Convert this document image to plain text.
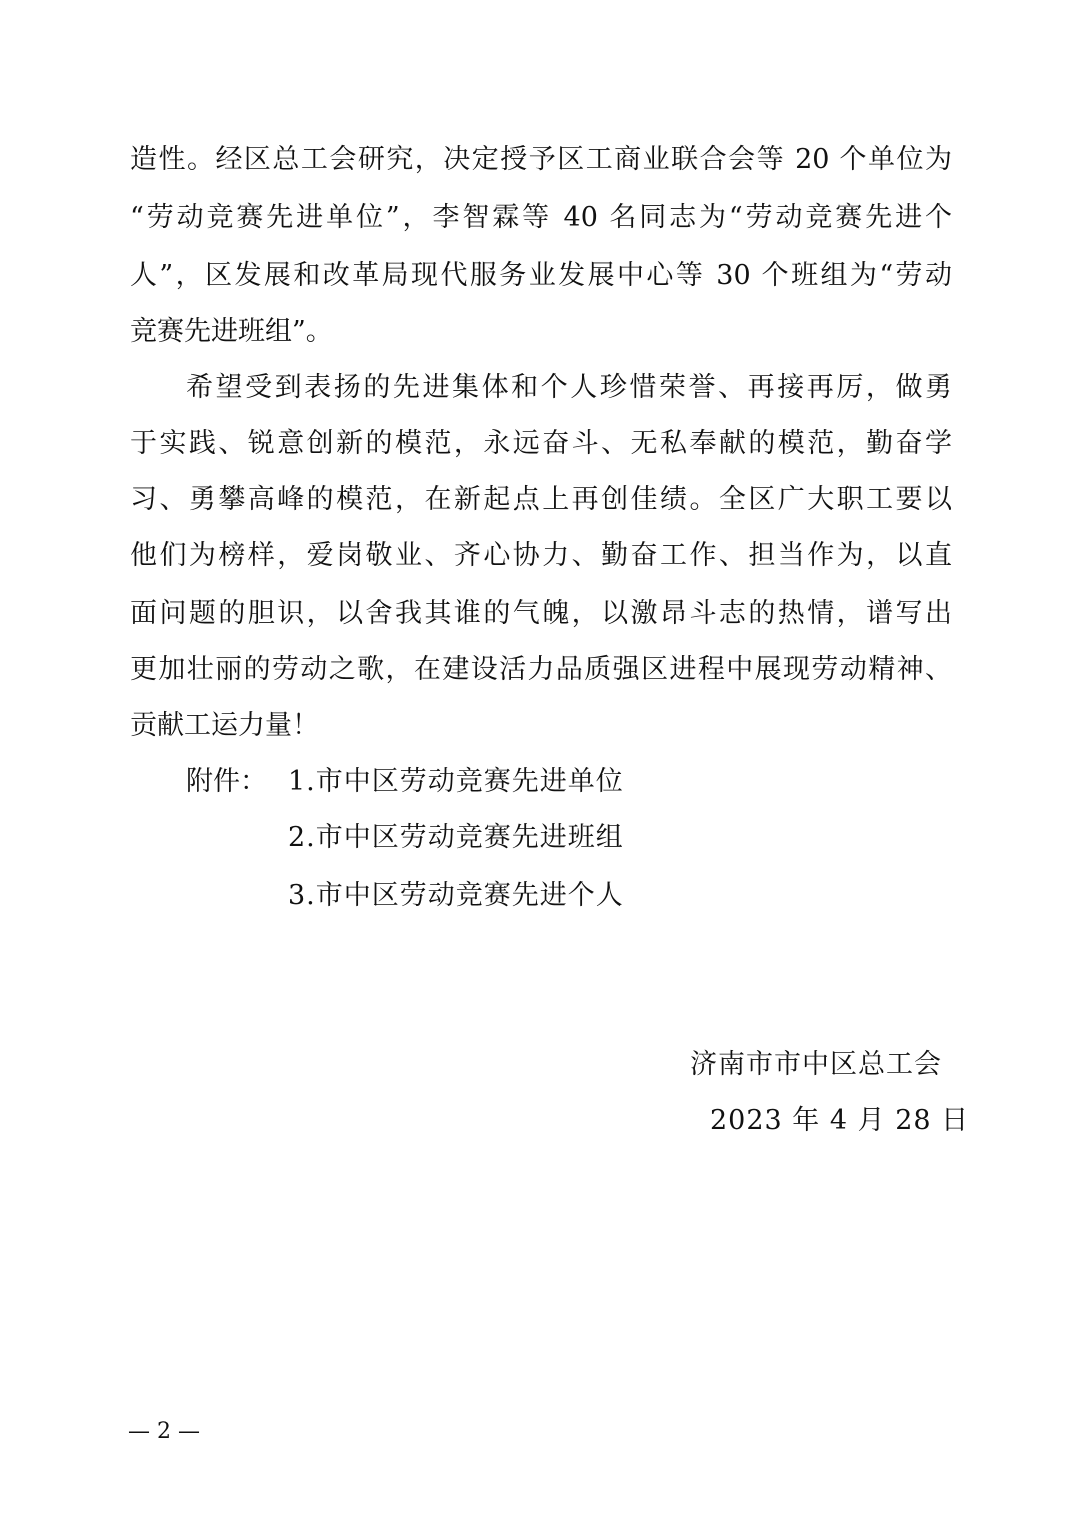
造性。经区总工会研究，决定授予区工商业联合会等 20 个单位为
“劳动竞赛先进单位”，李智霖等 40 名同志为“劳动竞赛先进个
人”，区发展和改革局现代服务业发展中心等 30 个班组为“劳动
竞赛先进班组”。
希望受到表扬的先进集体和个人珍惜荣誉、再接再厉，做勇
于实践、锐意创新的模范，永远奋斗、无私奉献的模范，勤奋学
习、勇攀高峰的模范，在新起点上再创佳绩。全区广大职工要以
他们为榜样，爱岗敬业、齐心协力、勤奋工作、担当作为，以直
面问题的胆识，以舍我其谁的气魄，以激昂斗志的热情，谱写出
更加壮丽的劳动之歌，在建设活力品质强区进程中展现劳动精神、
贡献工运力量！
附件： 1.市中区劳动竞赛先进单位
2.市中区劳动竞赛先进班组
3.市中区劳动竞赛先进个人
济南市市中区总工会
2023 年 4 月 28 日
— 2 —
